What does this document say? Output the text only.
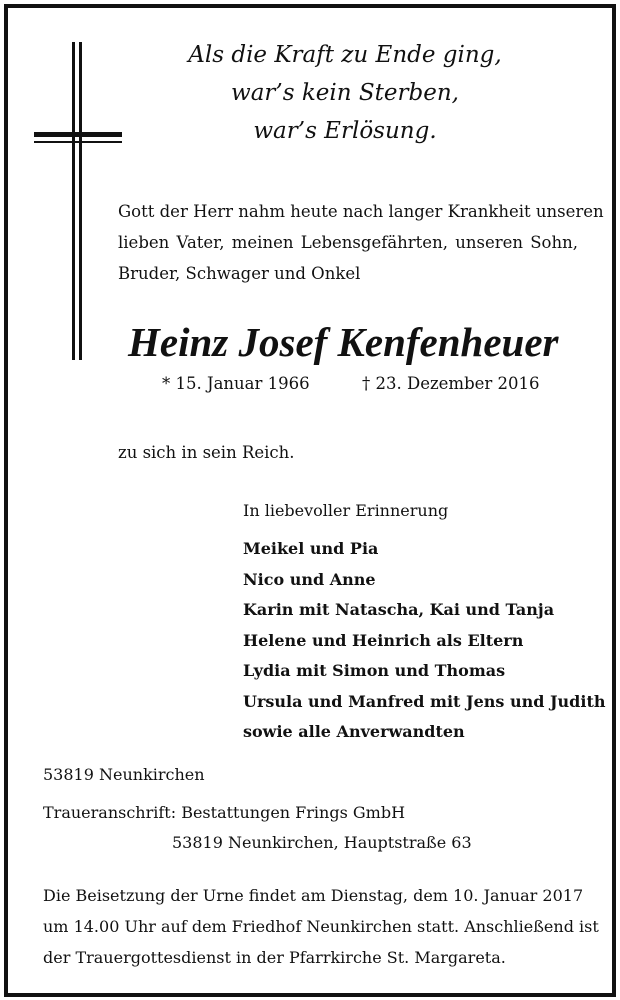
Als die Kraft zu Ende ging,
war’s kein Sterben,
war’s Erlösung.
Gott der Herr nahm heute nach langer Krankheit unseren
lieben Vater, meinen Lebensgefährten, unseren Sohn,
Bruder, Schwager und Onkel
Heinz Josef Kenfenheuer
* 15. Januar 1966	† 23. Dezember 2016
zu sich in sein Reich.
In liebevoller Erinnerung
Meikel und Pia
Nico und Anne
Karin mit Natascha, Kai und Tanja
Helene und Heinrich als Eltern
Lydia mit Simon und Thomas
Ursula und Manfred mit Jens und Judith
sowie alle Anverwandten
53819 Neunkirchen
Traueranschrift: Bestattungen Frings GmbH
53819 Neunkirchen, Hauptstraße 63
Die Beisetzung der Urne findet am Dienstag, dem 10. Januar 2017
um 14.00 Uhr auf dem Friedhof Neunkirchen statt. Anschließend ist
der Trauergottesdienst in der Pfarrkirche St. Margareta.
